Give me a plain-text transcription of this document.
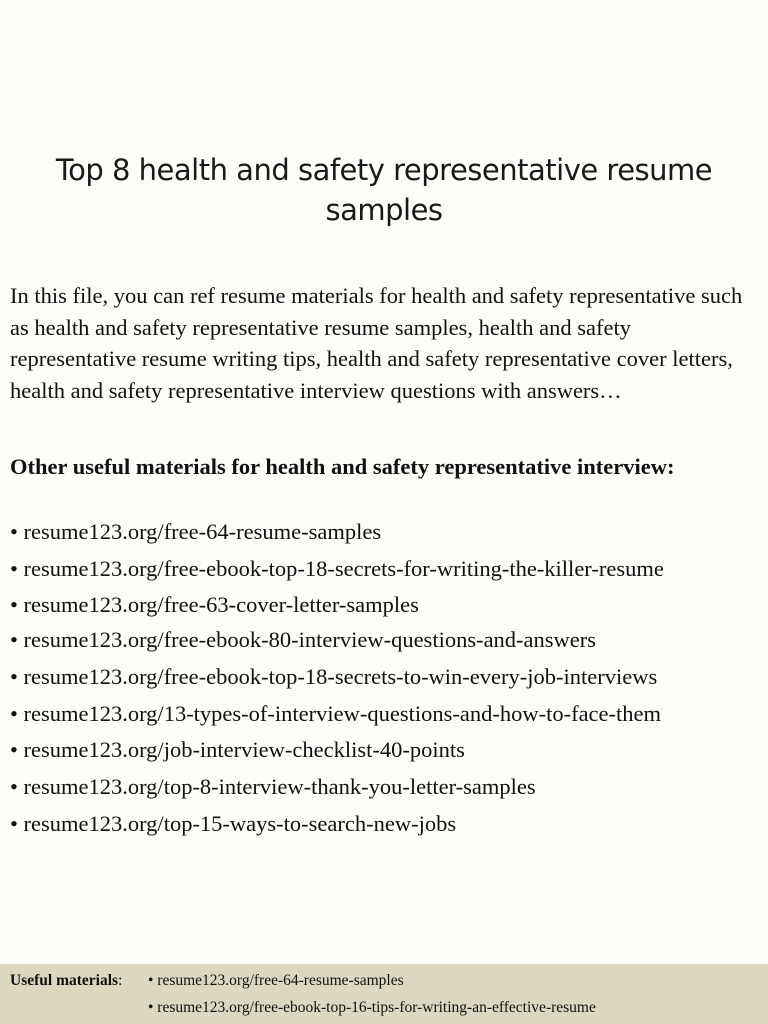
Top 8 health and safety representative resume samples

In this file, you can ref resume materials for health and safety representative such as health and safety representative resume samples, health and safety representative resume writing tips, health and safety representative cover letters, health and safety representative interview questions with answers…

Other useful materials for health and safety representative interview:

• resume123.org/free-64-resume-samples
• resume123.org/free-ebook-top-18-secrets-for-writing-the-killer-resume
• resume123.org/free-63-cover-letter-samples
• resume123.org/free-ebook-80-interview-questions-and-answers
• resume123.org/free-ebook-top-18-secrets-to-win-every-job-interviews
• resume123.org/13-types-of-interview-questions-and-how-to-face-them
• resume123.org/job-interview-checklist-40-points
• resume123.org/top-8-interview-thank-you-letter-samples
• resume123.org/top-15-ways-to-search-new-jobs
Useful materials: • resume123.org/free-64-resume-samples
• resume123.org/free-ebook-top-16-tips-for-writing-an-effective-resume
